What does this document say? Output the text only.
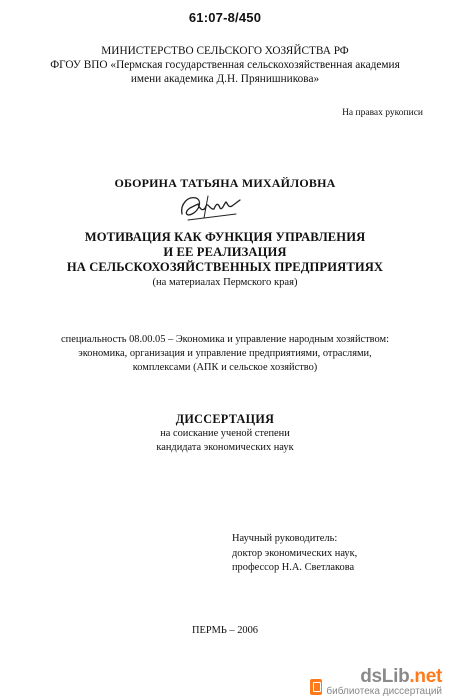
61:07-8/450
МИНИСТЕРСТВО СЕЛЬСКОГО ХОЗЯЙСТВА РФ
ФГОУ ВПО «Пермская государственная сельскохозяйственная академия
имени академика Д.Н. Прянишникова»
На правах рукописи
ОБОРИНА ТАТЬЯНА МИХАЙЛОВНА
МОТИВАЦИЯ КАК ФУНКЦИЯ УПРАВЛЕНИЯ
И ЕЕ РЕАЛИЗАЦИЯ
НА СЕЛЬСКОХОЗЯЙСТВЕННЫХ ПРЕДПРИЯТИЯХ
(на материалах Пермского края)
специальность 08.00.05 – Экономика и управление народным хозяйством:
экономика, организация и управление предприятиями, отраслями,
комплексами (АПК и сельское хозяйство)
ДИССЕРТАЦИЯ
на соискание ученой степени
кандидата экономических наук
Научный руководитель:
доктор экономических наук,
профессор Н.А. Светлакова
ПЕРМЬ – 2006
dsLib.net
библиотека диссертаций
